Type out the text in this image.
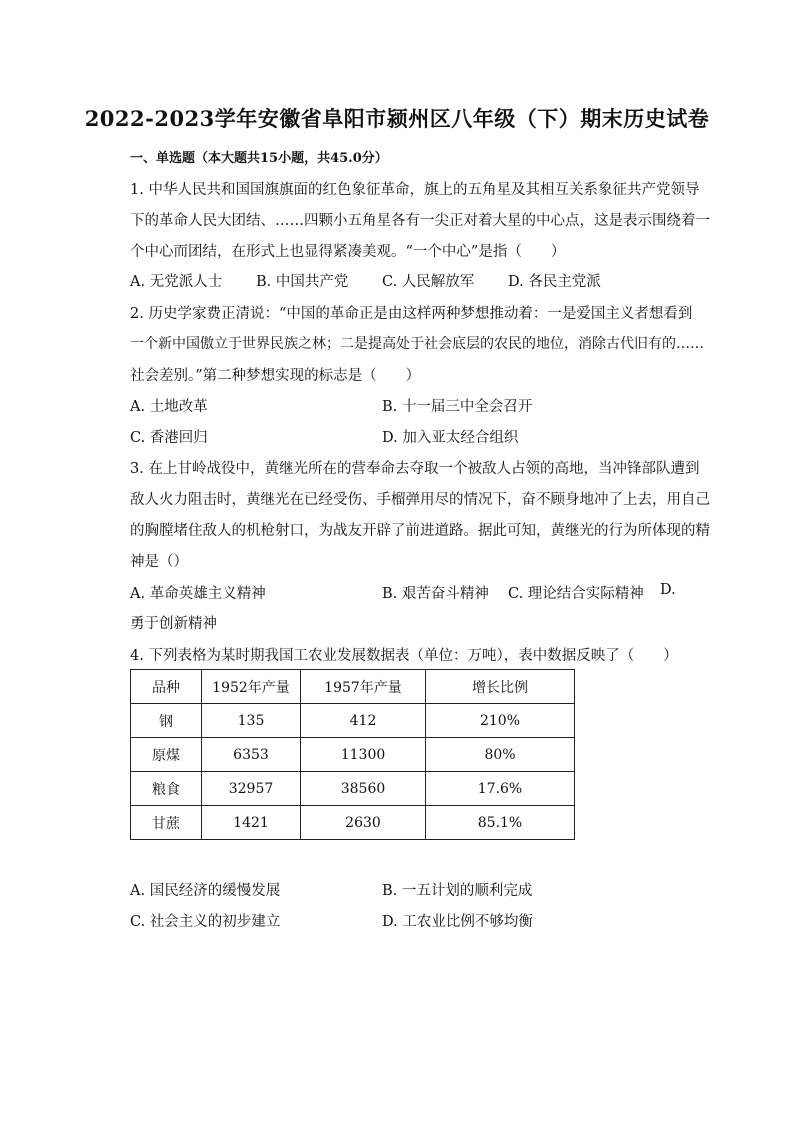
2022-2023学年安徽省阜阳市颍州区八年级（下）期末历史试卷
一、单选题（本大题共15小题，共45.0分）
1. 中华人民共和国国旗旗面的红色象征革命，旗上的五角星及其相互关系象征共产党领导
下的革命人民大团结、……四颗小五角星各有一尖正对着大星的中心点，这是表示围绕着一
个中心而团结，在形式上也显得紧凑美观。“一个中心”是指（　　）
A. 无党派人士 B. 中国共产党 C. 人民解放军 D. 各民主党派
2. 历史学家费正清说：“中国的革命正是由这样两种梦想推动着：一是爱国主义者想看到
一个新中国傲立于世界民族之林；二是提高处于社会底层的农民的地位，消除古代旧有的……
社会差别。”第二种梦想实现的标志是（　　）
A. 土地改革	B. 十一届三中全会召开
C. 香港回归	D. 加入亚太经合组织
3. 在上甘岭战役中，黄继光所在的营奉命去夺取一个被敌人占领的高地，当冲锋部队遭到
敌人火力阻击时，黄继光在已经受伤、手榴弹用尽的情况下，奋不顾身地冲了上去，用自己
的胸膛堵住敌人的机枪射口，为战友开辟了前进道路。据此可知，黄继光的行为所体现的精
神是（）
A. 革命英雄主义精神	B. 艰苦奋斗精神 C. 理论结合实际精神 D.
勇于创新精神
4. 下列表格为某时期我国工农业发展数据表（单位：万吨），表中数据反映了（　　）
品种	1952年产量	1957年产量	增长比例
钢	135	412	210%
原煤	6353	11300	80%
粮食	32957	38560	17.6%
甘蔗	1421	2630	85.1%
A. 国民经济的缓慢发展	B. 一五计划的顺利完成
C. 社会主义的初步建立	D. 工农业比例不够均衡
